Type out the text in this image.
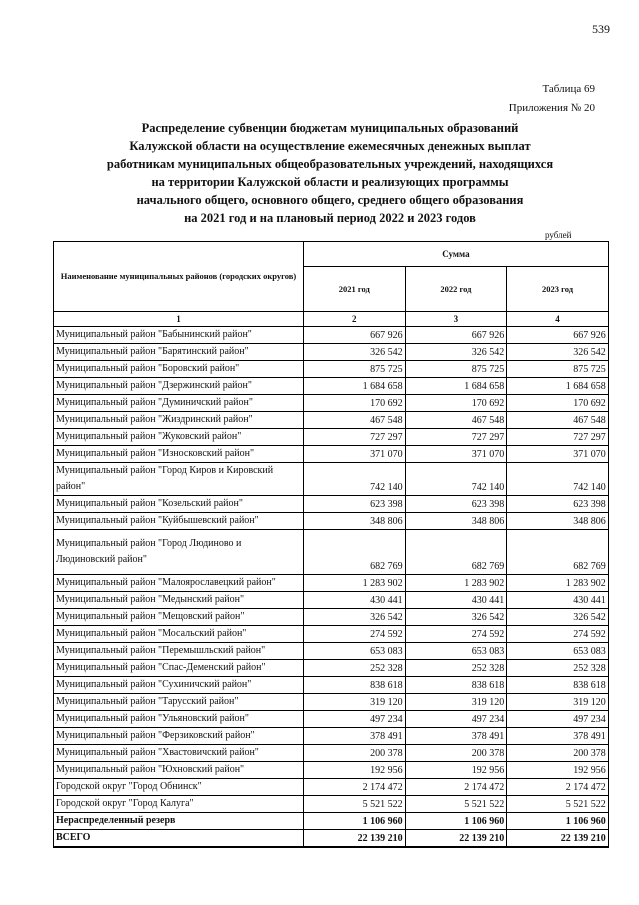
539
Таблица 69
Приложения № 20
Распределение субвенции бюджетам муниципальных образований
Калужской области на осуществление ежемесячных денежных выплат
работникам муниципальных общеобразовательных учреждений, находящихся
на территории Калужской области и реализующих программы
начального общего, основного общего, среднего общего образования
на 2021 год и на плановый период 2022 и 2023 годов
рублей
Наименование муниципальных районов (городских округов)	Сумма		
	2021 год	2022 год	2023 год
1	2	3	4
Муниципальный район "Бабынинский район"	667 926	667 926	667 926
Муниципальный район "Барятинский район"	326 542	326 542	326 542
Муниципальный район "Боровский район"	875 725	875 725	875 725
Муниципальный район "Дзержинский район"	1 684 658	1 684 658	1 684 658
Муниципальный район "Думиничский район"	170 692	170 692	170 692
Муниципальный район "Жиздринский район"	467 548	467 548	467 548
Муниципальный район "Жуковский район"	727 297	727 297	727 297
Муниципальный район "Износковский район"	371 070	371 070	371 070
Муниципальный район "Город Киров и Кировский район"	742 140	742 140	742 140
Муниципальный район "Козельский район"	623 398	623 398	623 398
Муниципальный район "Куйбышевский район"	348 806	348 806	348 806
Муниципальный район "Город Людиново и Людиновский район"	682 769	682 769	682 769
Муниципальный район "Малоярославецкий район"	1 283 902	1 283 902	1 283 902
Муниципальный район "Медынский район"	430 441	430 441	430 441
Муниципальный район "Мещовский район"	326 542	326 542	326 542
Муниципальный район "Мосальский район"	274 592	274 592	274 592
Муниципальный район "Перемышльский район"	653 083	653 083	653 083
Муниципальный район "Спас-Деменский район"	252 328	252 328	252 328
Муниципальный район "Сухиничский район"	838 618	838 618	838 618
Муниципальный район "Тарусский район"	319 120	319 120	319 120
Муниципальный район "Ульяновский район"	497 234	497 234	497 234
Муниципальный район "Ферзиковский район"	378 491	378 491	378 491
Муниципальный район "Хвастовичский район"	200 378	200 378	200 378
Муниципальный район "Юхновский район"	192 956	192 956	192 956
Городской округ "Город Обнинск"	2 174 472	2 174 472	2 174 472
Городской округ "Город Калуга"	5 521 522	5 521 522	5 521 522
Нераспределенный резерв	1 106 960	1 106 960	1 106 960
ВСЕГО	22 139 210	22 139 210	22 139 210
